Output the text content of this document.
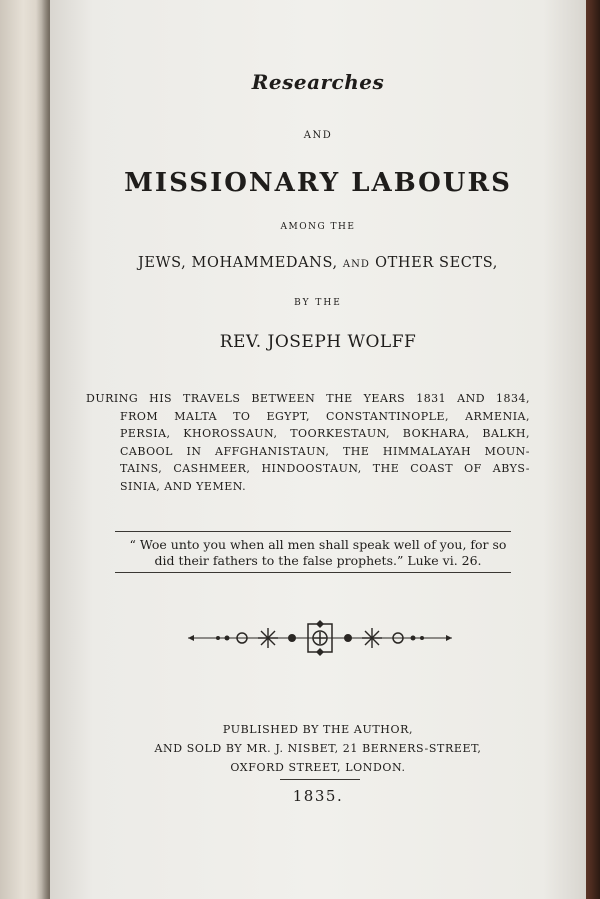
Researches
AND
MISSIONARY LABOURS
AMONG THE
JEWS, MOHAMMEDANS, AND OTHER SECTS,
BY THE
REV. JOSEPH WOLFF
DURING HIS TRAVELS BETWEEN THE YEARS 1831 AND 1834,
FROM MALTA TO EGYPT, CONSTANTINOPLE, ARMENIA,
PERSIA, KHOROSSAUN, TOORKESTAUN, BOKHARA, BALKH,
CABOOL IN AFFGHANISTAUN, THE HIMMALAYAH MOUN-
TAINS, CASHMEER, HINDOOSTAUN, THE COAST OF ABYS-
SINIA, AND YEMEN.
“ Woe unto you when all men shall speak well of you, for so
did their fathers to the false prophets.” Luke vi. 26.
PUBLISHED BY THE AUTHOR,
AND SOLD BY MR. J. NISBET, 21 BERNERS-STREET,
OXFORD STREET, LONDON.
1835.
